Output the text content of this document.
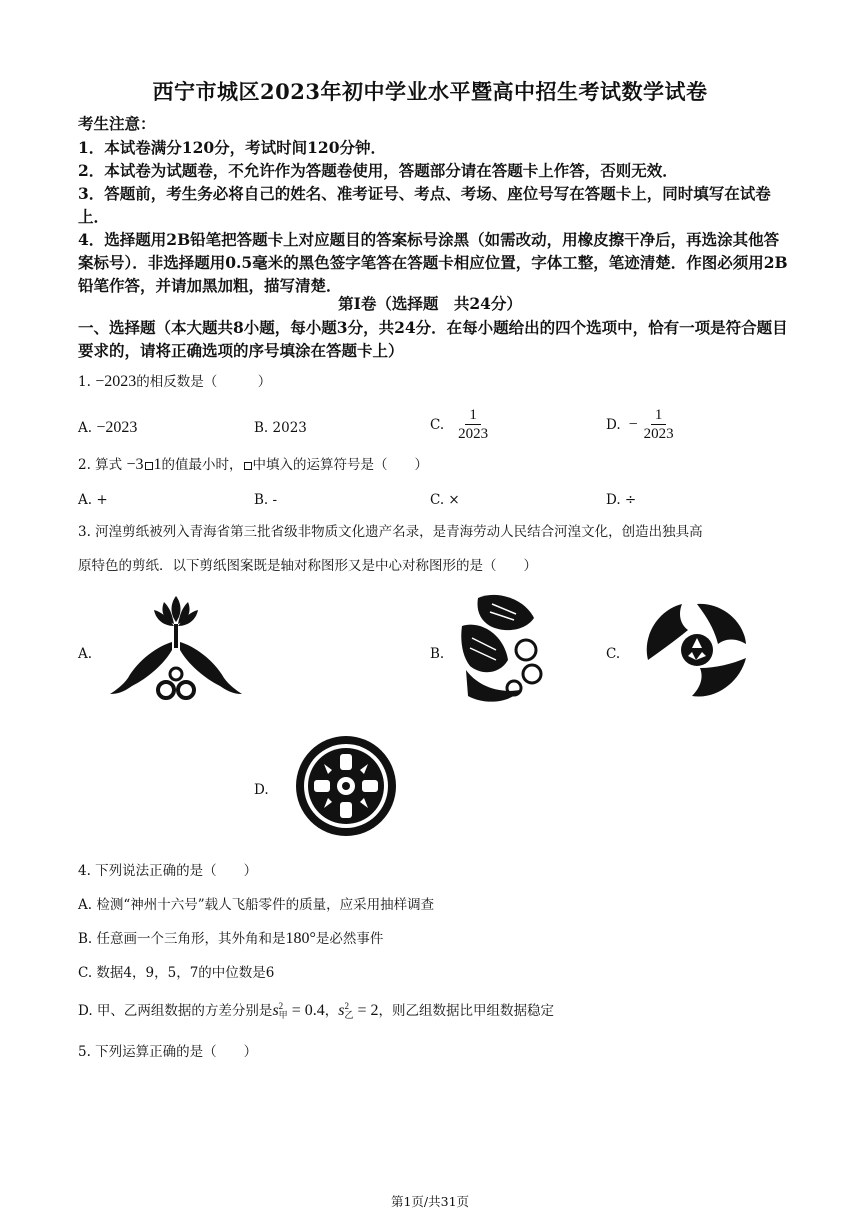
西宁市城区2023年初中学业水平暨高中招生考试数学试卷
考生注意：
1．本试卷满分120分，考试时间120分钟．
2．本试卷为试题卷，不允许作为答题卷使用，答题部分请在答题卡上作答，否则无效．
3．答题前，考生务必将自己的姓名、准考证号、考点、考场、座位号写在答题卡上，同时填写在试卷上．
4．选择题用2B铅笔把答题卡上对应题目的答案标号涂黑（如需改动，用橡皮擦干净后，再选涂其他答案标号）．非选择题用0.5毫米的黑色签字笔答在答题卡相应位置，字体工整，笔迹清楚．作图必须用2B铅笔作答，并请加黑加粗，描写清楚．
第Ⅰ卷（选择题　共24分）
一、选择题（本大题共8小题，每小题3分，共24分．在每小题给出的四个选项中，恰有一项是符合题目要求的，请将正确选项的序号填涂在答题卡上）
1. −2023的相反数是（　　　）
A. −2023	B. 2023	C. $\frac{1}{2023}$	D. − $\frac{1}{2023}$
2. 算式 −3 1的值最小时， 中填入的运算符号是（　　）
A. +	B. -	C. ×	D. ÷
3. 河湟剪纸被列入青海省第三批省级非物质文化遗产名录，是青海劳动人民结合河湟文化，创造出独具高
原特色的剪纸．以下剪纸图案既是轴对称图形又是中心对称图形的是（　　）
A.	B.	C.
D.
4. 下列说法正确的是（　　）
A. 检测“神州十六号”载人飞船零件的质量，应采用抽样调查
B. 任意画一个三角形，其外角和是180°是必然事件
C. 数据4，9，5，7的中位数是6
D. 甲、乙两组数据的方差分别是s 2
甲 = 0.4，s 2
乙 = 2，则乙组数据比甲组数据稳定
5. 下列运算正确的是（　　）
第1页/共31页
